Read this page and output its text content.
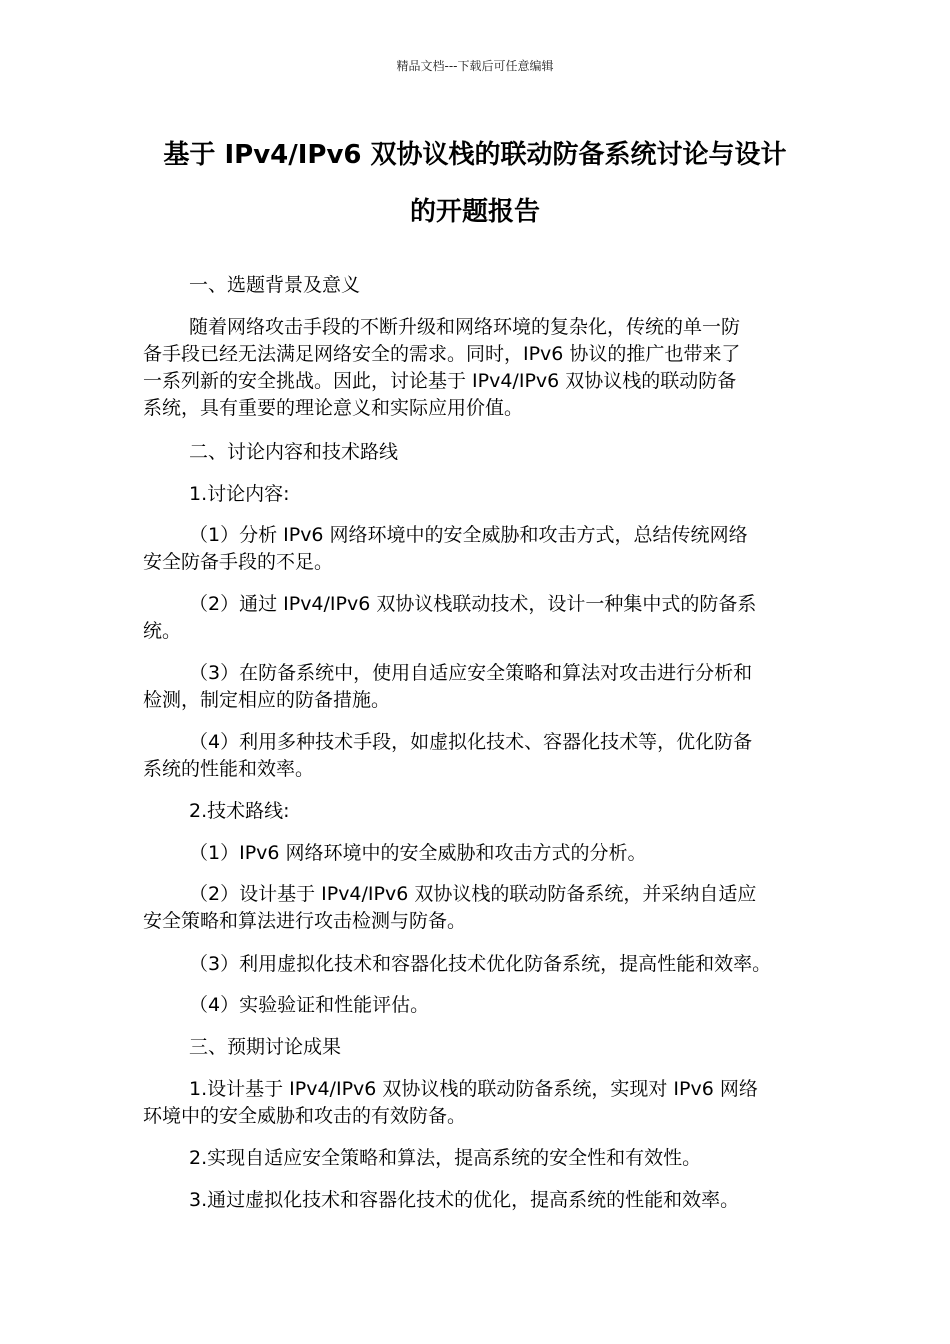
精品文档---下载后可任意编辑
基于 IPv4/IPv6 双协议栈的联动防备系统讨论与设计
的开题报告
一、选题背景及意义
随着网络攻击手段的不断升级和网络环境的复杂化，传统的单一防
备手段已经无法满足网络安全的需求。同时，IPv6 协议的推广也带来了
一系列新的安全挑战。因此，讨论基于 IPv4/IPv6 双协议栈的联动防备
系统，具有重要的理论意义和实际应用价值。
二、讨论内容和技术路线
1.讨论内容:
（1）分析 IPv6 网络环境中的安全威胁和攻击方式，总结传统网络
安全防备手段的不足。
（2）通过 IPv4/IPv6 双协议栈联动技术，设计一种集中式的防备系
统。
（3）在防备系统中，使用自适应安全策略和算法对攻击进行分析和
检测，制定相应的防备措施。
（4）利用多种技术手段，如虚拟化技术、容器化技术等，优化防备
系统的性能和效率。
2.技术路线:
（1）IPv6 网络环境中的安全威胁和攻击方式的分析。
（2）设计基于 IPv4/IPv6 双协议栈的联动防备系统，并采纳自适应
安全策略和算法进行攻击检测与防备。
（3）利用虚拟化技术和容器化技术优化防备系统，提高性能和效率。
（4）实验验证和性能评估。
三、预期讨论成果
1.设计基于 IPv4/IPv6 双协议栈的联动防备系统，实现对 IPv6 网络
环境中的安全威胁和攻击的有效防备。
2.实现自适应安全策略和算法，提高系统的安全性和有效性。
3.通过虚拟化技术和容器化技术的优化，提高系统的性能和效率。
